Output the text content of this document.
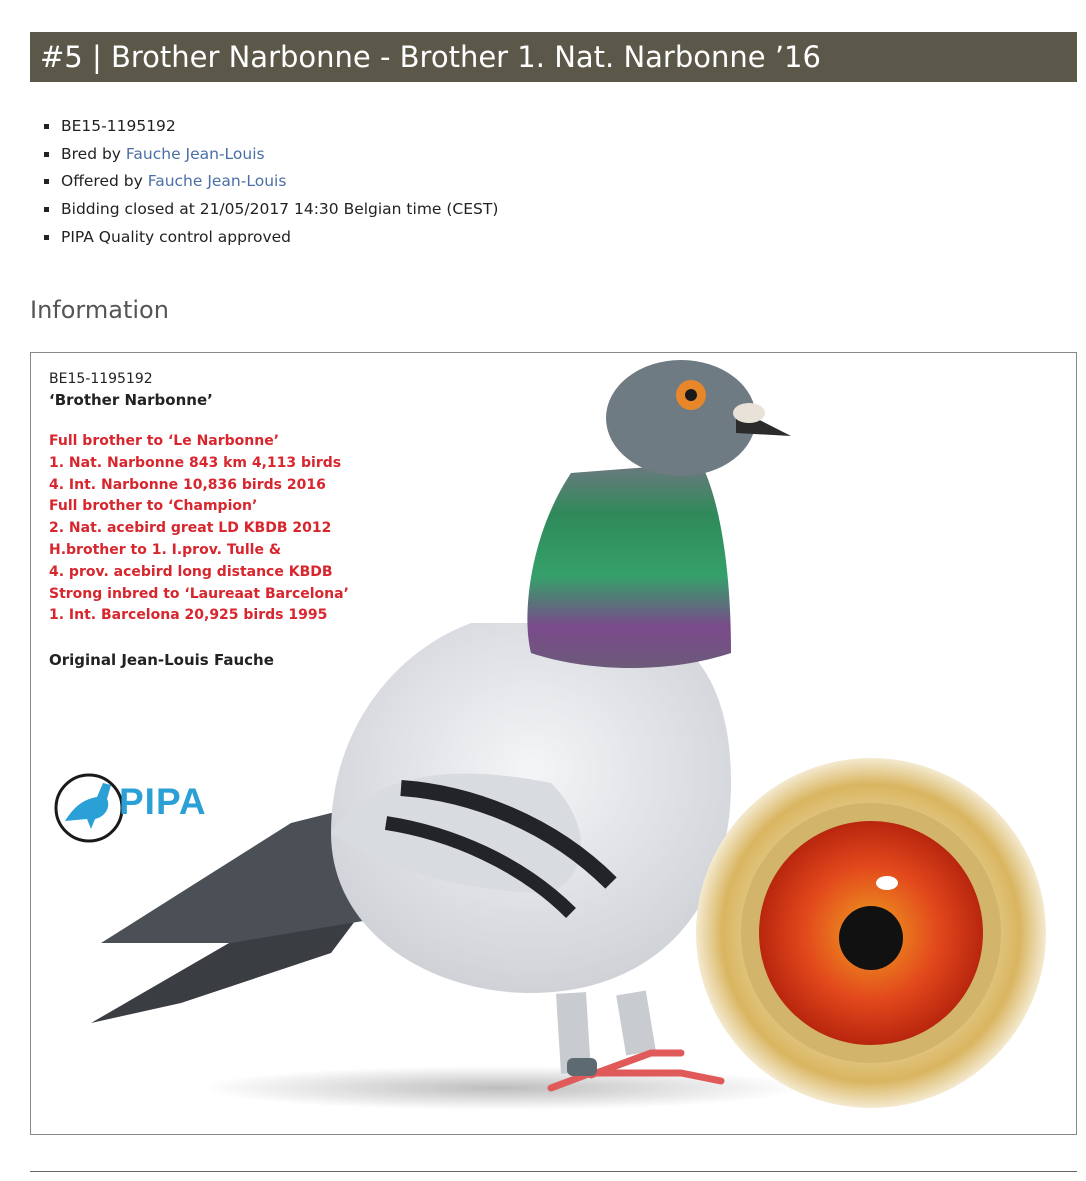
#5 | Brother Narbonne - Brother 1. Nat. Narbonne ’16
BE15-1195192
Bred by Fauche Jean-Louis
Offered by Fauche Jean-Louis
Bidding closed at 21/05/2017 14:30 Belgian time (CEST)
PIPA Quality control approved
Information
BE15-1195192
‘Brother Narbonne’
Full brother to ‘Le Narbonne’
1. Nat. Narbonne 843 km 4,113 birds
4. Int. Narbonne 10,836 birds 2016
Full brother to ‘Champion’
2. Nat. acebird great LD KBDB 2012
H.brother to 1. I.prov. Tulle &
4. prov. acebird long distance KBDB
Strong inbred to ‘Laureaat Barcelona’
1. Int. Barcelona 20,925 birds 1995
Original Jean-Louis Fauche
PIPA
